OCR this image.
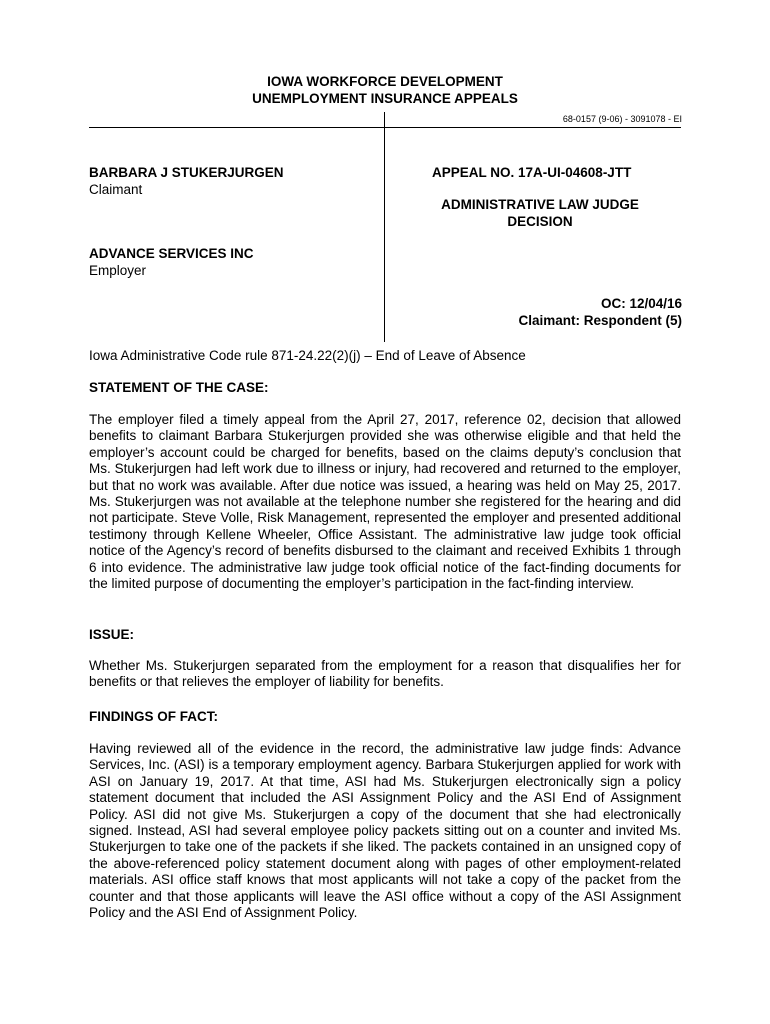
IOWA WORKFORCE DEVELOPMENT
UNEMPLOYMENT INSURANCE APPEALS
68-0157 (9-06) - 3091078 - EI
BARBARA J STUKERJURGEN
Claimant
ADVANCE SERVICES INC
Employer
APPEAL NO. 17A-UI-04608-JTT
ADMINISTRATIVE LAW JUDGE
DECISION
OC: 12/04/16
Claimant: Respondent (5)
Iowa Administrative Code rule 871-24.22(2)(j) – End of Leave of Absence
STATEMENT OF THE CASE:
The employer filed a timely appeal from the April 27, 2017, reference 02, decision that allowed benefits to claimant Barbara Stukerjurgen provided she was otherwise eligible and that held the employer’s account could be charged for benefits, based on the claims deputy’s conclusion that Ms. Stukerjurgen had left work due to illness or injury, had recovered and returned to the employer, but that no work was available. After due notice was issued, a hearing was held on May 25, 2017. Ms. Stukerjurgen was not available at the telephone number she registered for the hearing and did not participate. Steve Volle, Risk Management, represented the employer and presented additional testimony through Kellene Wheeler, Office Assistant. The administrative law judge took official notice of the Agency’s record of benefits disbursed to the claimant and received Exhibits 1 through 6 into evidence. The administrative law judge took official notice of the fact-finding documents for the limited purpose of documenting the employer’s participation in the fact-finding interview.
ISSUE:
Whether Ms. Stukerjurgen separated from the employment for a reason that disqualifies her for benefits or that relieves the employer of liability for benefits.
FINDINGS OF FACT:
Having reviewed all of the evidence in the record, the administrative law judge finds: Advance Services, Inc. (ASI) is a temporary employment agency. Barbara Stukerjurgen applied for work with ASI on January 19, 2017. At that time, ASI had Ms. Stukerjurgen electronically sign a policy statement document that included the ASI Assignment Policy and the ASI End of Assignment Policy. ASI did not give Ms. Stukerjurgen a copy of the document that she had electronically signed. Instead, ASI had several employee policy packets sitting out on a counter and invited Ms. Stukerjurgen to take one of the packets if she liked. The packets contained in an unsigned copy of the above-referenced policy statement document along with pages of other employment-related materials. ASI office staff knows that most applicants will not take a copy of the packet from the counter and that those applicants will leave the ASI office without a copy of the ASI Assignment Policy and the ASI End of Assignment Policy.
